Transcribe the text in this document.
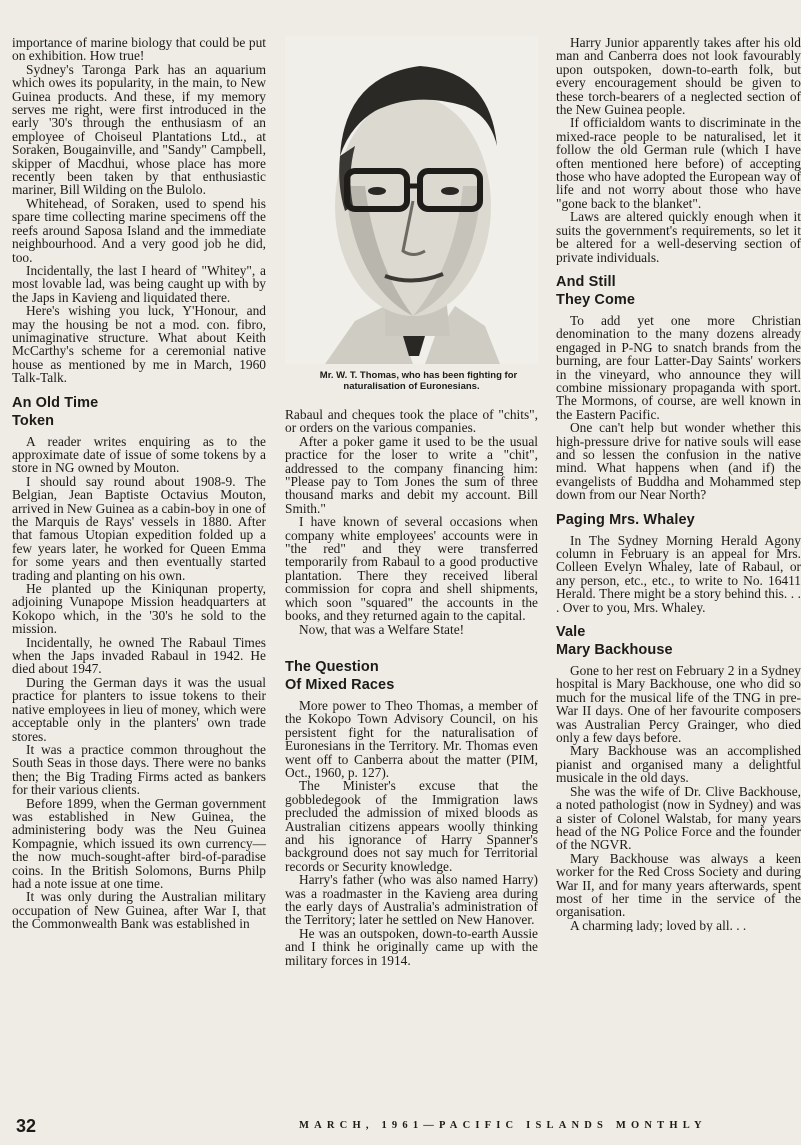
importance of marine biology that could be put on exhibition. How true!

Sydney's Taronga Park has an aquarium which owes its popularity, in the main, to New Guinea products. And these, if my memory serves me right, were first introduced in the early '30's through the enthusiasm of an employee of Choiseul Plantations Ltd., at Soraken, Bougainville, and "Sandy" Campbell, skipper of Macdhui, whose place has more recently been taken by that enthusiastic mariner, Bill Wilding on the Bulolo.

Whitehead, of Soraken, used to spend his spare time collecting marine specimens off the reefs around Saposa Island and the immediate neighbourhood. And a very good job he did, too.

Incidentally, the last I heard of "Whitey", a most lovable lad, was being caught up with by the Japs in Kavieng and liquidated there.

Here's wishing you luck, Y'Honour, and may the housing be not a mod. con. fibro, unimaginative structure. What about Keith McCarthy's scheme for a ceremonial native house as mentioned by me in March, 1960 Talk-Talk.

An Old Time
Token

A reader writes enquiring as to the approximate date of issue of some tokens by a store in NG owned by Mouton.

I should say round about 1908-9. The Belgian, Jean Baptiste Octavius Mouton, arrived in New Guinea as a cabin-boy in one of the Marquis de Rays' vessels in 1880. After that famous Utopian expedition folded up a few years later, he worked for Queen Emma for some years and then eventually started trading and planting on his own.

He planted up the Kiniqunan property, adjoining Vunapope Mission headquarters at Kokopo which, in the '30's he sold to the mission.

Incidentally, he owned The Rabaul Times when the Japs invaded Rabaul in 1942. He died about 1947.

During the German days it was the usual practice for planters to issue tokens to their native employees in lieu of money, which were acceptable only in the planters' own trade stores.

It was a practice common throughout the South Seas in those days. There were no banks then; the Big Trading Firms acted as bankers for their various clients.

Before 1899, when the German government was established in New Guinea, the administering body was the Neu Guinea Kompagnie, which issued its own currency—the now much-sought-after bird-of-paradise coins. In the British Solomons, Burns Philp had a note issue at one time.

It was only during the Australian military occupation of New Guinea, after War I, that the Commonwealth Bank was established in

Mr. W. T. Thomas, who has been fighting for naturalisation of Euronesians.

Rabaul and cheques took the place of "chits", or orders on the various companies.

After a poker game it used to be the usual practice for the loser to write a "chit", addressed to the company financing him: "Please pay to Tom Jones the sum of three thousand marks and debit my account. Bill Smith."

I have known of several occasions when company white employees' accounts were in "the red" and they were transferred temporarily from Rabaul to a good productive plantation. There they received liberal commission for copra and shell shipments, which soon "squared" the accounts in the books, and they returned again to the capital.

Now, that was a Welfare State!

The Question
Of Mixed Races

More power to Theo Thomas, a member of the Kokopo Town Advisory Council, on his persistent fight for the naturalisation of Euronesians in the Territory. Mr. Thomas even went off to Canberra about the matter (PIM, Oct., 1960, p. 127).

The Minister's excuse that the gobbledegook of the Immigration laws precluded the admission of mixed bloods as Australian citizens appears woolly thinking and his ignorance of Harry Spanner's background does not say much for Territorial records or Security knowledge.

Harry's father (who was also named Harry) was a roadmaster in the Kavieng area during the early days of Australia's administration of the Territory; later he settled on New Hanover.

He was an outspoken, down-to-earth Aussie and I think he originally came up with the military forces in 1914.

Harry Junior apparently takes after his old man and Canberra does not look favourably upon outspoken, down-to-earth folk, but every encouragement should be given to these torch-bearers of a neglected section of the New Guinea people.

If officialdom wants to discriminate in the mixed-race people to be naturalised, let it follow the old German rule (which I have often mentioned here before) of accepting those who have adopted the European way of life and not worry about those who have "gone back to the blanket".

Laws are altered quickly enough when it suits the government's requirements, so let it be altered for a well-deserving section of private individuals.

And Still
They Come

To add yet one more Christian denomination to the many dozens already engaged in P-NG to snatch brands from the burning, are four Latter-Day Saints' workers in the vineyard, who announce they will combine missionary propaganda with sport. The Mormons, of course, are well known in the Eastern Pacific.

One can't help but wonder whether this high-pressure drive for native souls will ease and so lessen the confusion in the native mind. What happens when (and if) the evangelists of Buddha and Mohammed step down from our Near North?

Paging Mrs. Whaley

In The Sydney Morning Herald Agony column in February is an appeal for Mrs. Colleen Evelyn Whaley, late of Rabaul, or any person, etc., etc., to write to No. 16411 Herald. There might be a story behind this. . . . Over to you, Mrs. Whaley.

Vale
Mary Backhouse

Gone to her rest on February 2 in a Sydney hospital is Mary Backhouse, one who did so much for the musical life of the TNG in pre-War II days. One of her favourite composers was Australian Percy Grainger, who died only a few days before.

Mary Backhouse was an accomplished pianist and organised many a delightful musicale in the old days.

She was the wife of Dr. Clive Backhouse, a noted pathologist (now in Sydney) and was a sister of Colonel Walstab, for many years head of the NG Police Force and the founder of the NGVR.

Mary Backhouse was always a keen worker for the Red Cross Society and during War II, and for many years afterwards, spent most of her time in the service of the organisation.

A charming lady; loved by all. . .

32	MARCH, 1961—PACIFIC ISLANDS MONTHLY
